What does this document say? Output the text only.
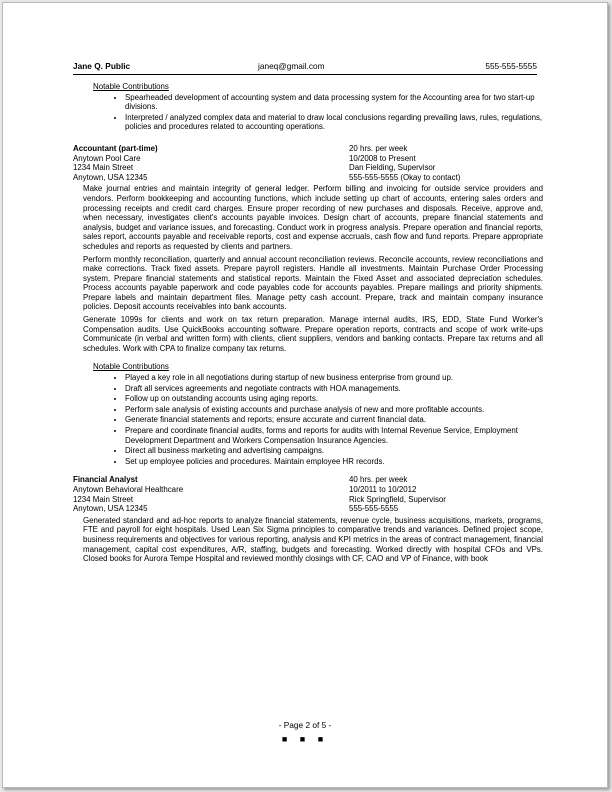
Jane Q. Public	janeq@gmail.com	555-555-5555
Notable Contributions
• Spearheaded development of accounting system and data processing system for the Accounting area for two start-up divisions.
• Interpreted / analyzed complex data and material to draw local conclusions regarding prevailing laws, rules, regulations, policies and procedures related to accounting operations.
Accountant (part-time)
Anytown Pool Care
1234 Main Street
Anytown, USA 12345
20 hrs. per week
10/2008 to Present
Dan Fielding, Supervisor
555-555-5555 (Okay to contact)
Make journal entries and maintain integrity of general ledger. Perform billing and invoicing for outside service providers and vendors. Perform bookkeeping and accounting functions, which include setting up chart of accounts, entering sales orders and processing receipts and credit card charges. Ensure proper recording of new purchases and disposals. Receive, approve and, when necessary, investigates client's accounts payable invoices. Design chart of accounts, prepare financial statements and analysis, budget and variance issues, and forecasting. Conduct work in progress analysis. Prepare operation and financial reports, sales report, accounts payable and receivable reports, cost and expense accruals, cash flow and fund reports. Prepare appropriate schedules and reports as requested by clients and partners.
Perform monthly reconciliation, quarterly and annual account reconciliation reviews. Reconcile accounts, review reconciliations and make corrections. Track fixed assets. Prepare payroll registers. Handle all investments. Maintain Purchase Order Processing system. Prepare financial statements and statistical reports. Maintain the Fixed Asset and associated depreciation schedules. Process accounts payable paperwork and code payables code for accounts payables. Prepare mailings and priority shipments. Prepare labels and maintain department files. Manage petty cash account. Prepare, track and maintain company insurance policies. Deposit accounts receivables into bank accounts.
Generate 1099s for clients and work on tax return preparation. Manage internal audits, IRS, EDD, State Fund Worker's Compensation audits. Use QuickBooks accounting software. Prepare operation reports, contracts and scope of work write-ups Communicate (in verbal and written form) with clients, client suppliers, vendors and banking contacts. Prepare tax returns and all schedules. Work with CPA to finalize company tax returns.
Notable Contributions
• Played a key role in all negotiations during startup of new business enterprise from ground up.
• Draft all services agreements and negotiate contracts with HOA managements.
• Follow up on outstanding accounts using aging reports.
• Perform sale analysis of existing accounts and purchase analysis of new and more profitable accounts.
• Generate financial statements and reports; ensure accurate and current financial data.
• Prepare and coordinate financial audits, forms and reports for audits with Internal Revenue Service, Employment Development Department and Workers Compensation Insurance Agencies.
• Direct all business marketing and advertising campaigns.
• Set up employee policies and procedures. Maintain employee HR records.
Financial Analyst
Anytown Behavioral Healthcare
1234 Main Street
Anytown, USA 12345
40 hrs. per week
10/2011 to 10/2012
Rick Springfield, Supervisor
555-555-5555
Generated standard and ad-hoc reports to analyze financial statements, revenue cycle, business acquisitions, markets, programs, FTE and payroll for eight hospitals. Used Lean Six Sigma principles to comparative trends and variances. Defined project scope, business requirements and objectives for various reporting, analysis and KPI metrics in the areas of contract management, financial management, capital cost expenditures, A/R, staffing, budgets and forecasting. Worked directly with hospital CFOs and VPs. Closed books for Aurora Tempe Hospital and reviewed monthly closings with CF, CAO and VP of Finance, with book
- Page 2 of 5 -
■ ■ ■
